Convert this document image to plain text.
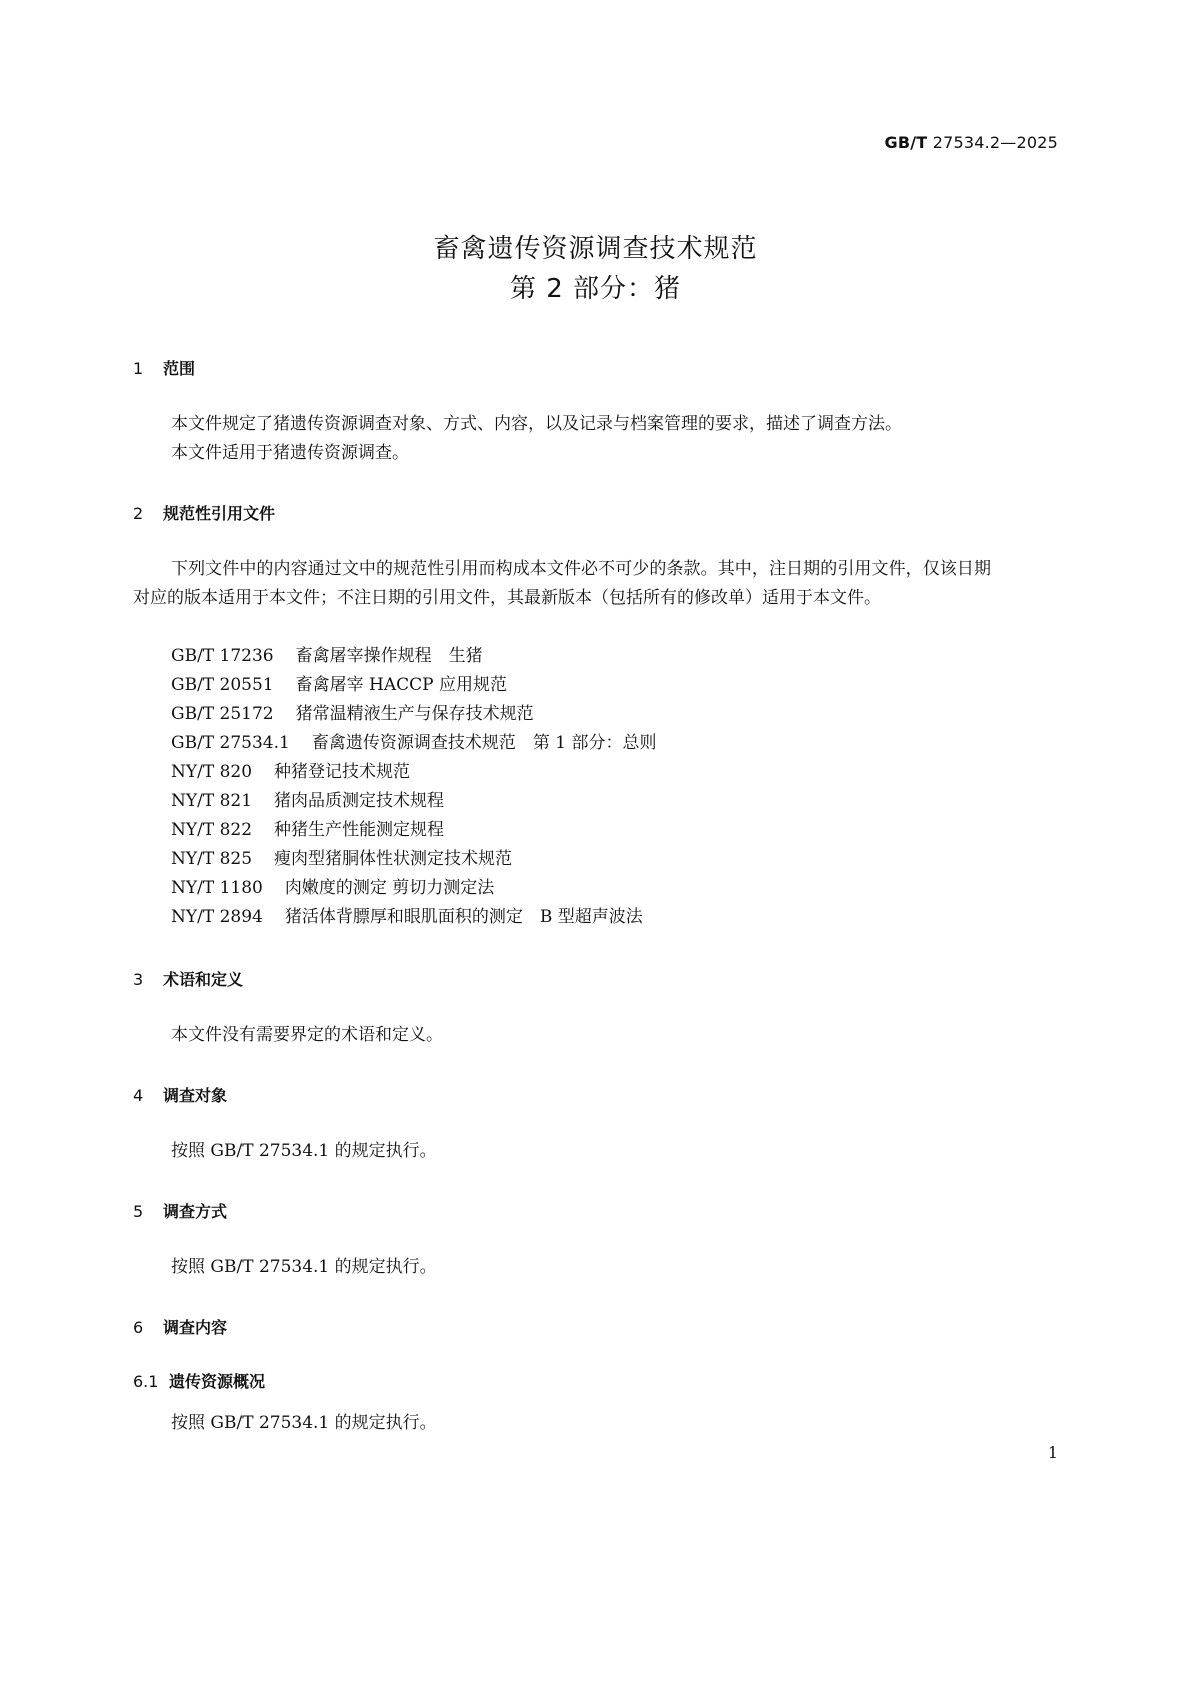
GB/T 27534.2—2025
畜禽遗传资源调查技术规范
第 2 部分：猪
1 范围
本文件规定了猪遗传资源调查对象、方式、内容，以及记录与档案管理的要求，描述了调查方法。
本文件适用于猪遗传资源调查。
2 规范性引用文件
下列文件中的内容通过文中的规范性引用而构成本文件必不可少的条款。其中，注日期的引用文件，仅该日期对应的版本适用于本文件；不注日期的引用文件，其最新版本（包括所有的修改单）适用于本文件。
GB/T 17236 畜禽屠宰操作规程　生猪
GB/T 20551 畜禽屠宰 HACCP 应用规范
GB/T 25172 猪常温精液生产与保存技术规范
GB/T 27534.1 畜禽遗传资源调查技术规范　第 1 部分：总则
NY/T 820 种猪登记技术规范
NY/T 821 猪肉品质测定技术规程
NY/T 822 种猪生产性能测定规程
NY/T 825 瘦肉型猪胴体性状测定技术规范
NY/T 1180 肉嫩度的测定 剪切力测定法
NY/T 2894 猪活体背膘厚和眼肌面积的测定　B 型超声波法
3 术语和定义
本文件没有需要界定的术语和定义。
4 调查对象
按照 GB/T 27534.1 的规定执行。
5 调查方式
按照 GB/T 27534.1 的规定执行。
6 调查内容
6.1 遗传资源概况
按照 GB/T 27534.1 的规定执行。
1
